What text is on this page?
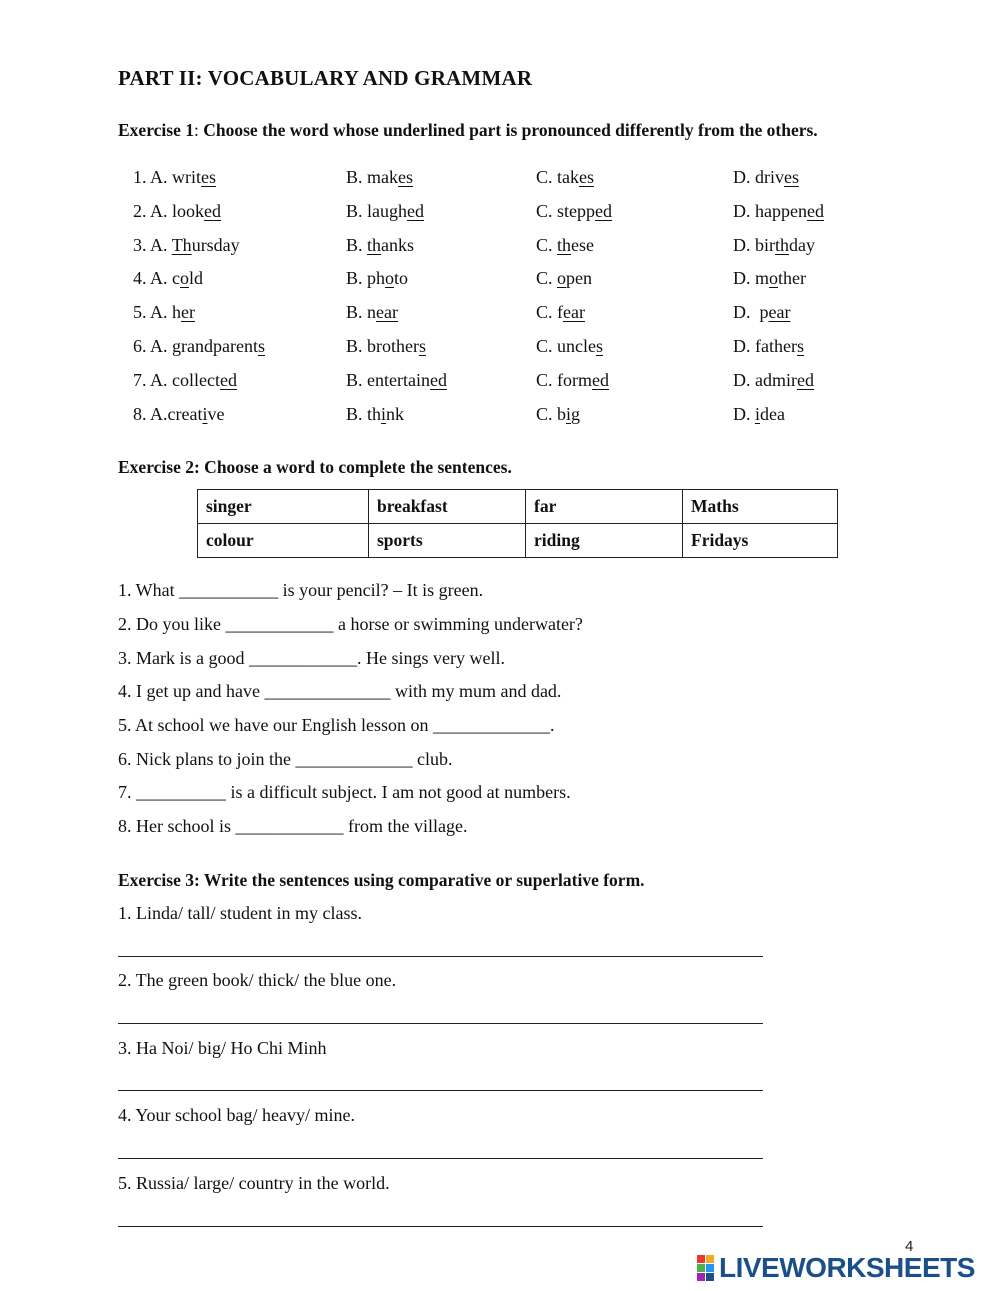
PART II: VOCABULARY AND GRAMMAR
Exercise 1: Choose the word whose underlined part is pronounced differently from the others.
1. A. writes	B. makes	C. takes	D. drives
2. A. looked	B. laughed	C. stepped	D. happened
3. A. Thursday	B. thanks	C. these	D. birthday
4. A. cold	B. photo	C. open	D. mother
5. A. her	B. near	C. fear	D.  pear
6. A. grandparents	B. brothers	C. uncles	D. fathers
7. A. collected	B. entertained	C. formed	D. admired
8. A.creative	B. think	C. big	D. idea
Exercise 2: Choose a word to complete the sentences.
singer	breakfast	far	Maths
colour	sports	riding	Fridays
1. What ___________ is your pencil? – It is green.
2. Do you like ____________ a horse or swimming underwater?
3. Mark is a good ____________. He sings very well.
4. I get up and have ______________ with my mum and dad.
5. At school we have our English lesson on _____________.
6. Nick plans to join the _____________ club.
7. __________ is a difficult subject. I am not good at numbers.
8. Her school is ____________ from the village.
Exercise 3: Write the sentences using comparative or superlative form.
1. Linda/ tall/ student in my class.
2. The green book/ thick/ the blue one.
3. Ha Noi/ big/ Ho Chi Minh
4. Your school bag/ heavy/ mine.
5. Russia/ large/ country in the world.
4
LIVEWORKSHEETS
